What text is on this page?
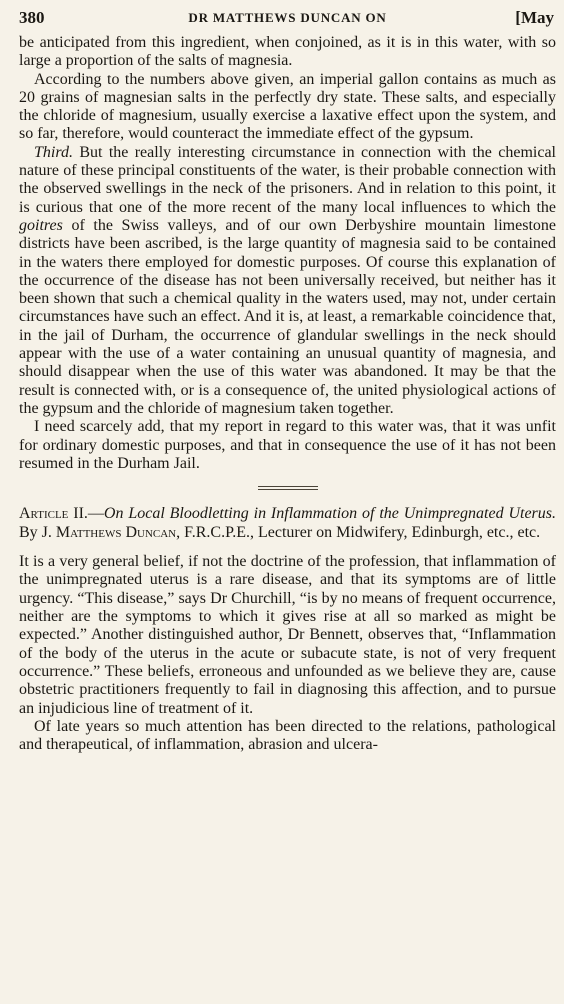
380	DR MATTHEWS DUNCAN ON	[May

be anticipated from this ingredient, when conjoined, as it is in this water, with so large a proportion of the salts of magnesia.

According to the numbers above given, an imperial gallon contains as much as 20 grains of magnesian salts in the perfectly dry state. These salts, and especially the chloride of magnesium, usually exercise a laxative effect upon the system, and so far, therefore, would counteract the immediate effect of the gypsum.

Third. But the really interesting circumstance in connection with the chemical nature of these principal constituents of the water, is their probable connection with the observed swellings in the neck of the prisoners. And in relation to this point, it is curious that one of the more recent of the many local influences to which the goitres of the Swiss valleys, and of our own Derbyshire mountain limestone districts have been ascribed, is the large quantity of magnesia said to be contained in the waters there employed for domestic purposes. Of course this explanation of the occurrence of the disease has not been universally received, but neither has it been shown that such a chemical quality in the waters used, may not, under certain circumstances have such an effect. And it is, at least, a remarkable coincidence that, in the jail of Durham, the occurrence of glandular swellings in the neck should appear with the use of a water containing an unusual quantity of magnesia, and should disappear when the use of this water was abandoned. It may be that the result is connected with, or is a consequence of, the united physiological actions of the gypsum and the chloride of magnesium taken together.

I need scarcely add, that my report in regard to this water was, that it was unfit for ordinary domestic purposes, and that in consequence the use of it has not been resumed in the Durham Jail.

Article II.—On Local Bloodletting in Inflammation of the Unimpregnated Uterus. By J. Matthews Duncan, F.R.C.P.E., Lecturer on Midwifery, Edinburgh, etc., etc.

It is a very general belief, if not the doctrine of the profession, that inflammation of the unimpregnated uterus is a rare disease, and that its symptoms are of little urgency. “This disease,” says Dr Churchill, “is by no means of frequent occurrence, neither are the symptoms to which it gives rise at all so marked as might be expected.” Another distinguished author, Dr Bennett, observes that, “Inflammation of the body of the uterus in the acute or subacute state, is not of very frequent occurrence.” These beliefs, erroneous and unfounded as we believe they are, cause obstetric practitioners frequently to fail in diagnosing this affection, and to pursue an injudicious line of treatment of it.

Of late years so much attention has been directed to the relations, pathological and therapeutical, of inflammation, abrasion and ulcera-
